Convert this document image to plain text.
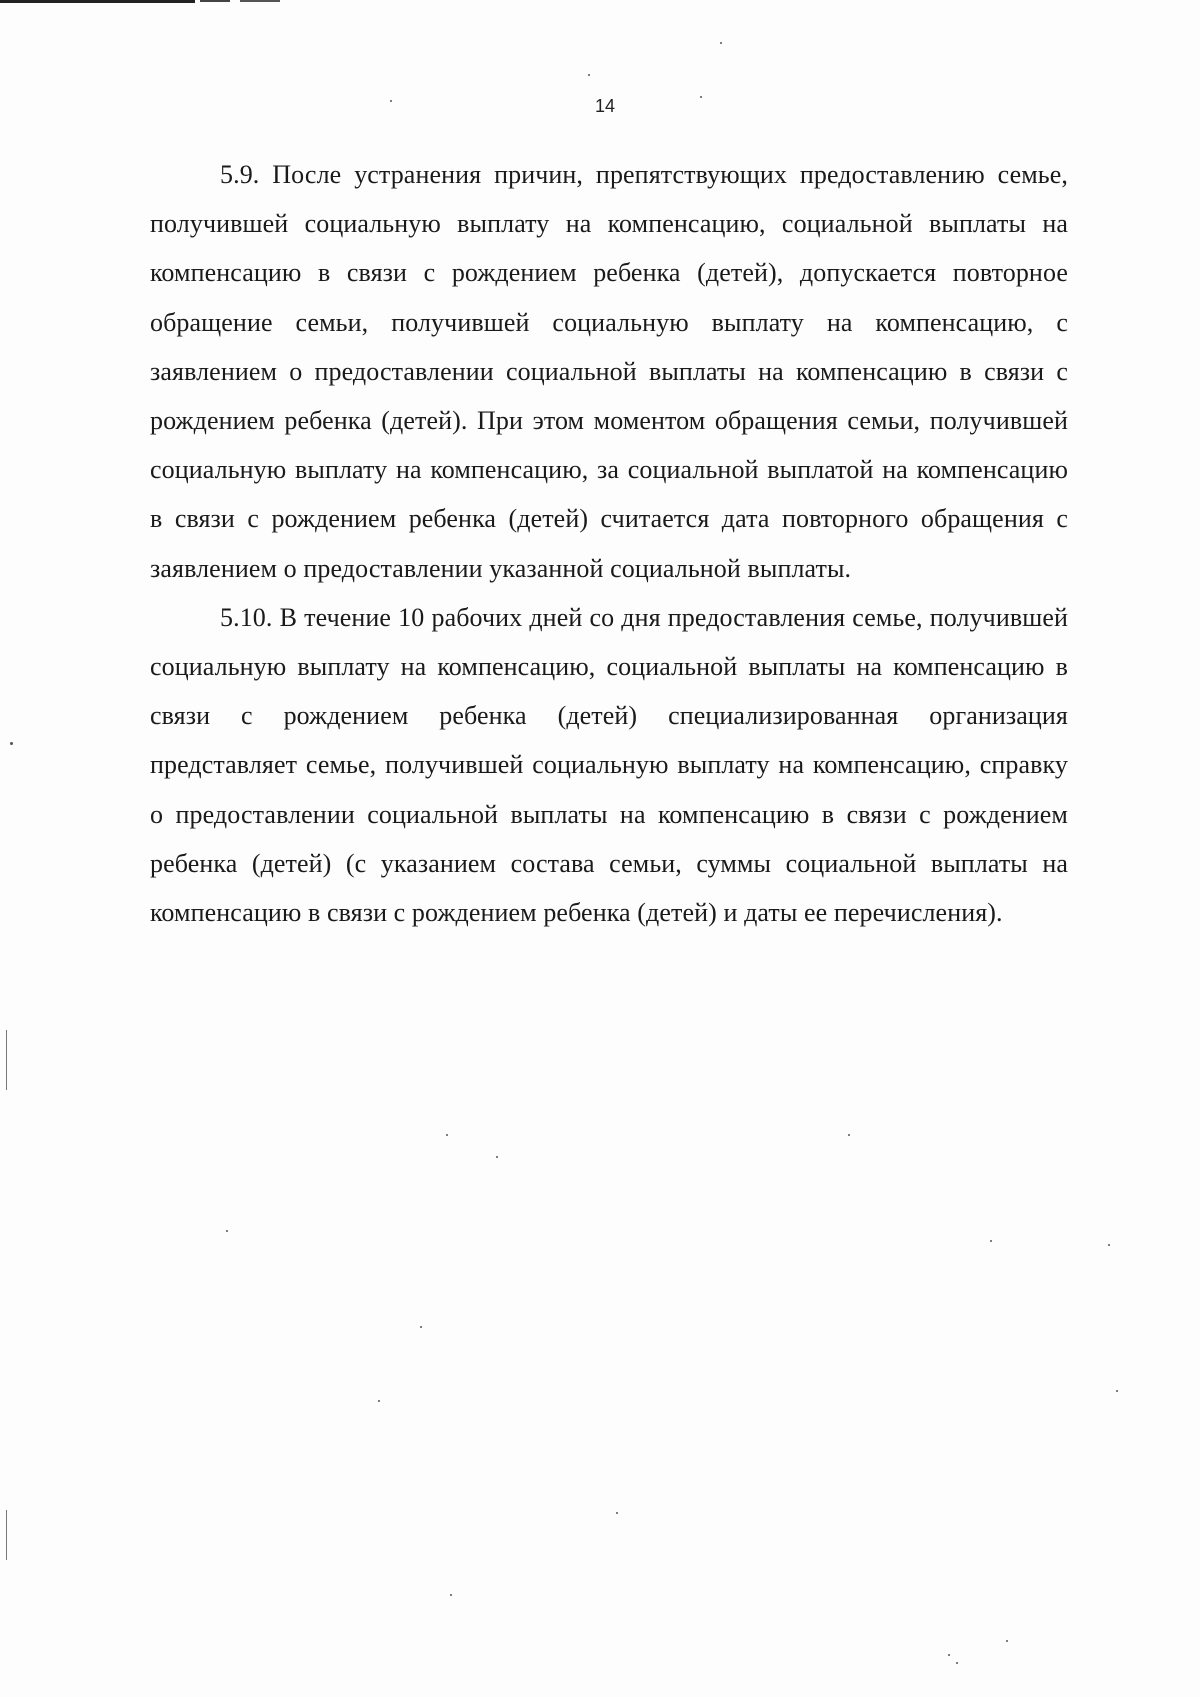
14

5.9. После устранения причин, препятствующих предоставлению семье, получившей социальную выплату на компенсацию, социальной выплаты на компенсацию в связи с рождением ребенка (детей), допускается повторное обращение семьи, получившей социальную выплату на компенсацию, с заявлением о предоставлении социальной выплаты на компенсацию в связи с рождением ребенка (детей). При этом моментом обращения семьи, получившей социальную выплату на компенсацию, за социальной выплатой на компенсацию в связи с рождением ребенка (детей) считается дата повторного обращения с заявлением о предоставлении указанной социальной выплаты.

5.10. В течение 10 рабочих дней со дня предоставления семье, получившей социальную выплату на компенсацию, социальной выплаты на компенсацию в связи с рождением ребенка (детей) специализированная организация представляет семье, получившей социальную выплату на компенсацию, справку о предоставлении социальной выплаты на компенсацию в связи с рождением ребенка (детей) (с указанием состава семьи, суммы социальной выплаты на компенсацию в связи с рождением ребенка (детей) и даты ее перечисления).
